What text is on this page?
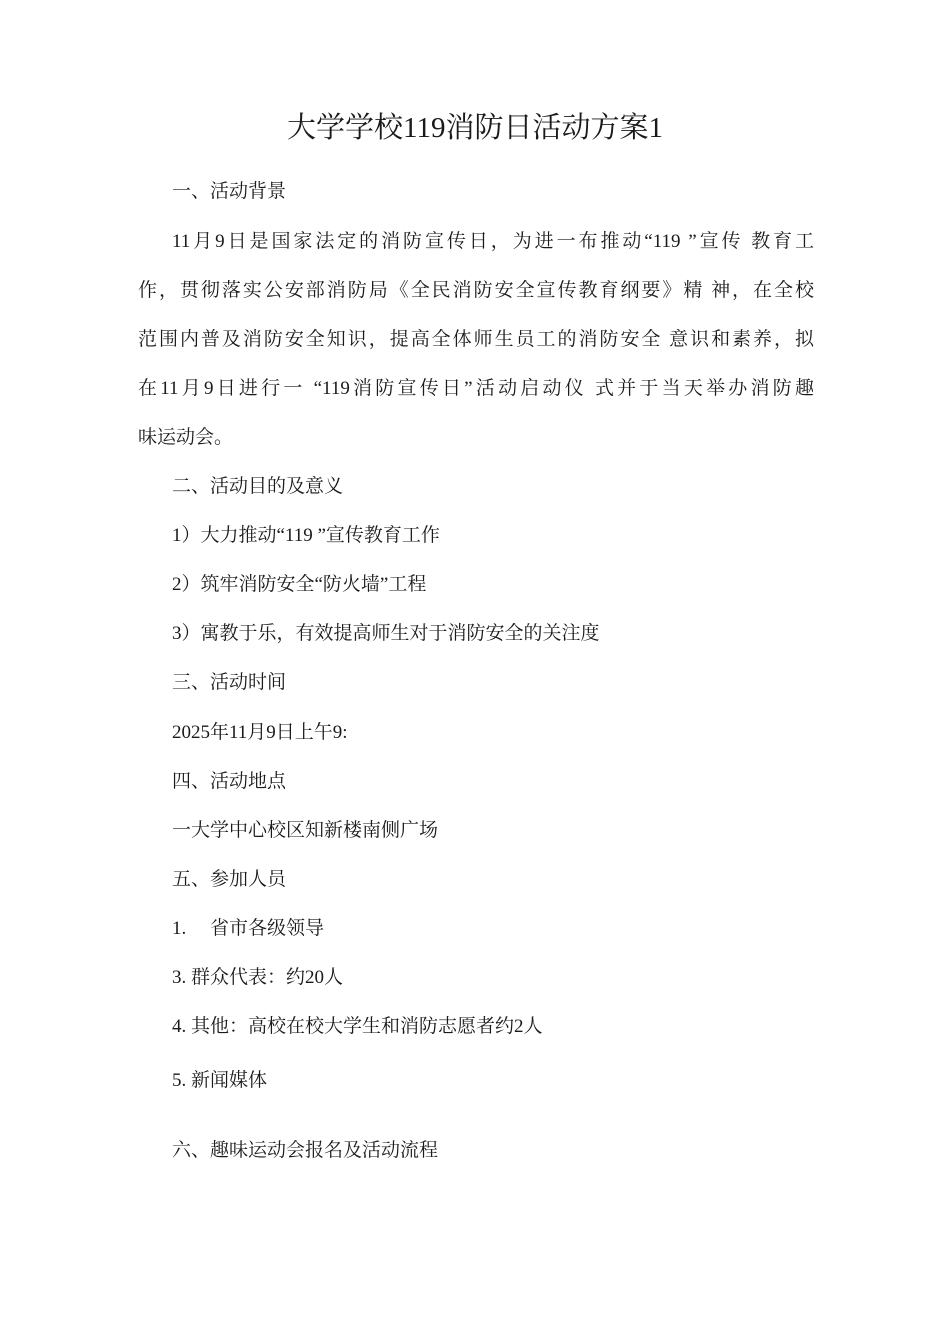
大学学校119消防日活动方案1
一、活动背景
11月9日是国家法定的消防宣传日，为进一布推动“119 ”宣传 教育工
作，贯彻落实公安部消防局《全民消防安全宣传教育纲要》精 神，在全校
范围内普及消防安全知识，提高全体师生员工的消防安全 意识和素养，拟
在11月9日进行一 “119消防宣传日”活动启动仪 式并于当天举办消防趣
味运动会。
二、活动目的及意义
1）大力推动“119 ”宣传教育工作
2）筑牢消防安全“防火墙”工程
3）寓教于乐，有效提高师生对于消防安全的关注度
三、活动时间
2025年11月9日上午9:
四、活动地点
一大学中心校区知新楼南侧广场
五、参加人员
1.　 省市各级领导
3. 群众代表：约20人
4. 其他：高校在校大学生和消防志愿者约2人
5. 新闻媒体
六、趣味运动会报名及活动流程
